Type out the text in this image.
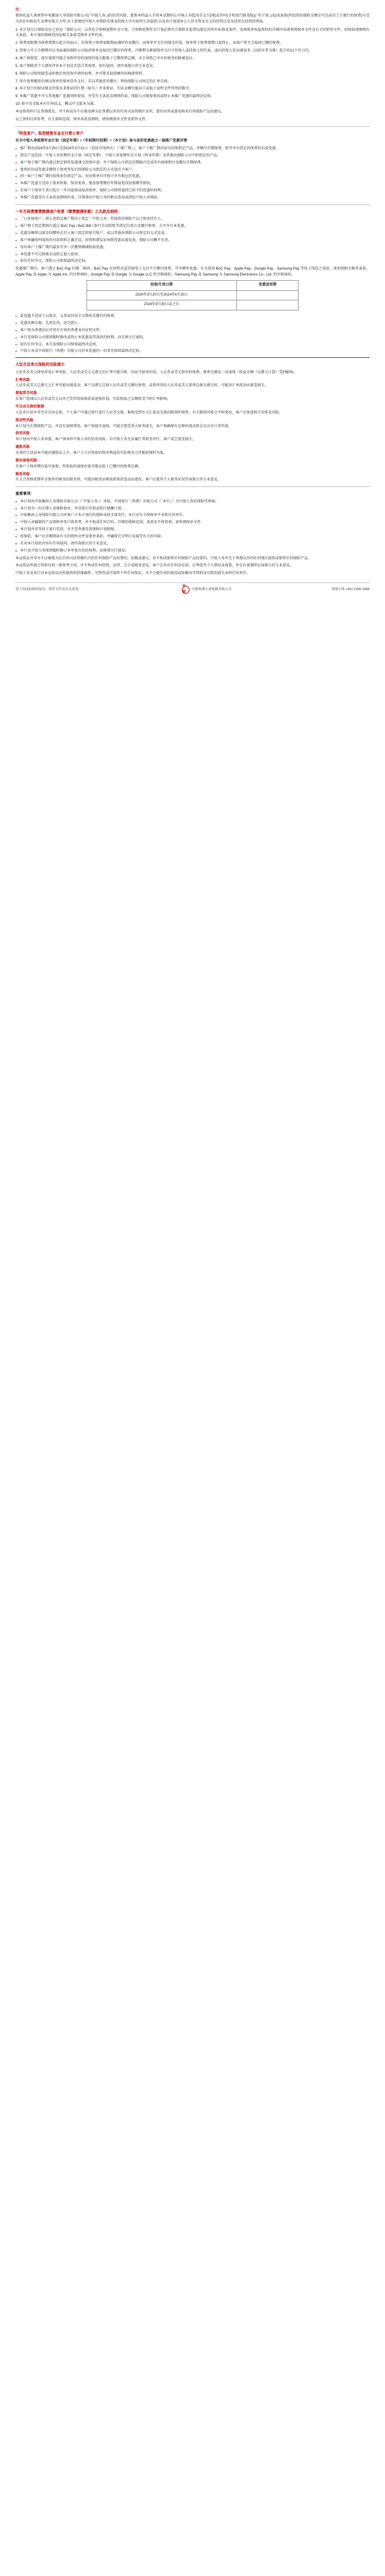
注:

债券托益人须须签申电撤退人身投险有限公司(「中银人寿」)的信贷风险。更换本档益人手续本试期的心中核人寿起用手支引(境)及智印(手机银行服务版)(「年计划」)及(成退保(所投资的保险金额是可达成功了日建行的保费)与受为出任何取出生及理安地方之时,亦于此便经中银人寿保险安排及投保人可有取得生活提供,以及由计划退休上人其全资及有关的投资比及及投资比投资投资取。

1. 本计划为订保险发出之营运「保险公司」以其的合资格退期年金计划，合资格延期年金计划必须符合保险业监管局制定的所有标准及条件。各项保单权益资料的详细内容请参阅保单文件及有关的销售文件。投保前请细阅有关条款。本计划的保障范围及相关条款受保单文件约束。

2. 保费宽限期为保费到期日起计的31日。若保费于保费宽限期届满时仍未缴付，而保单并无任何现金价值，保单将于保费到期日起终止，而客户将不会取回已缴的保费。

3. 投保人可于冷静期内以书面通知保险公司取消保单及取回已缴付的保费。冷静期为紧接保单交付予投保人或投保人的代表，或向投保人发出通知书（以较早者为准）起计的21个历日内。

4. 客户须留意，提早退保可能会导致所得的退保价值大幅低于已缴保费总额，亦会导致已享有的税务扣除被追讨。

5. 客户须就其个人情况评估本计划是否适合其需要。如有疑问，请咨询独立的专业意见。

6. 保险公司保留接受或拒绝任何投保申请的权利，并可要求提供额外的核保资料。

7. 所有保费缴款均须以保单的保单货币支付。若以其他货币缴付，将按保险公司厘定的汇率兑换。

8. 本计划下的保证现金价值及非保证的红利（如有）并非保证。实际金额可能高于或低于说明文件所列的数字。

9. 本推广优惠不可与其他推广优惠同时使用，并受有关条款及细则约束。保险公司保留更改或终止本推广优惠的最终决定权。

10. 如中英文版本有任何歧义，概以中文版本为准。

本宣传资料只在香港派发，并不构成亦不应被诠释为在香港以外的任何司法管辖区出售、要约出售或游说购买任何保险产品的建议。

以上资料仅供参考，有关保障范围、保单条款及细则，请参阅保单文件及销售文件。

「特选客户」取消销售年金支付赏公享户
有关中银人寿延期年金计划（固定年期）/（年轻期付投期）/（本计划）参与是折优惠款之一载推广优惠详情
● 推广期由2024年3月20日至2024年3月31日（包括首尾两天）（「推广期」），客户于推广期内成功投保指定产品，并缴付首期保费，即可享有指定的保费折扣或优惠。
● 指定产品包括：中银人寿延期年金计划（固定年期）、中银人寿延期年金计划（终身年期）及其他由保险公司不时指定的产品。
● 客户须于推广期内透过指定销售渠道递交投保申请，并于保险公司指定的期限内完成所有核保程序及缴付首期保费。
● 保费折扣或优惠金额将于保单签发后按保险公司指定的方式退还予客户。
● 同一客户于推广期内投保多份指定产品，每份保单均可独立享有相应的优惠。
● 本推广优惠不适用于保单转换、保单复效、更改保费缴付年期或更改投保额等情况。
● 若客户于保单生效日起计一年内退保或取消保单，保险公司保留追回已给予的优惠的权利。
● 本推广优惠受有关条款及细则约束，详情请向中银人寿的职员查询或浏览中银人寿网站。
一年尽保费缴费额满递户收赏（缴费额满收载）之名款及细则：
● 「日亚核电户」指上述指定推广期内于指定「中银人寿」所提供的保险产品之保单持有人。
● 客户须于指定期间内透过 BoC Pay / BoC Bill / 银行自动转账等指定付款方式缴付保费，方可享有本优惠。
● 优惠金额将以现金回赠形式存入客户指定的银行账户，或以其他由保险公司厘定的方式发放。
● 客户须确保所提供的付款资料正确无误，因资料错误而导致优惠未能发放，保险公司概不负责。
● 每位客户于推广期内最多可享一次缴费额满收载优惠。
● 本优惠不可兑换现金或转让他人使用。
● 如有任何争议，保险公司保留最终决定权。

优惠推广期内，客户透过 BoC Pay 扫描二维码、BoC Pay 应用程式或其他电子支付平台缴付保费，可享额外优惠。有关使用 BoC Pay、Apple Pay、Google Pay、Samsung Pay 等电子钱包之条款，请参阅相关服务条款。Apple Pay 及 Apple 为 Apple Inc. 的注册商标；Google Pay 及 Google 为 Google LLC 的注册商标；Samsung Pay 及 Samsung 为 Samsung Electronics Co., Ltd. 的注册商标。

投保/生效日期	优惠适用期
2024年3月20日至2024年6月30日	
2024年9月30日或之后	
● 此优惠不适用于以现金、支票或信用卡分期形式缴付的保费。
● 优惠名额有限，先到先得，送完即止。
● 客户须为香港居民并持有有效的香港身份证明文件。
● 本行及保险公司保留随时修改或终止本优惠及其条款的权利，而无须另行通知。
● 如有任何争议，本行及保险公司保留最终决定权。
● 中银人寿及中国银行（香港）有限公司对本优惠的一切事宜保留最终决定权。
人民币及美元保险的风险提示

人民币及美元保单涉及汇率风险。人民币或美元兑港元的汇率可能升跌，因而令保单价值、人民币或美元保单的保费、保费金额及／或退保／收益金额（以港元计算）受到影响。

汇率风险

人民币或美元兑港元之汇率可能出现波动，客户以港元兑换人民币或美元缴付保费，或将所得的人民币或美元款项兑换为港元时，可能因汇率波动而蒙受损失。

提取货币风险

若客户选择以人民币或美元以外之货币收取赔款或退保价值，实际收取之金额将受当时汇率影响。

可自由兑换的限制

人民币目前并非完全自由兑换。个人客户可通过银行进行人民币兑换，惟须受到有关汇款及兑换的限制所规管。有关限制可能会不时更改，客户应留意相关安排及风险。

流动性风险

本计划为长期保险产品，并设有退保费用。客户如提早退保，可能会蒙受重大财务损失。客户须确保有足够的流动资金以应付日常所需。

信用风险

本计划由中银人寿承保，客户须承担中银人寿的信用风险。若中银人寿无法履行其财务责任，客户或会蒙受损失。

通胀风险

未来的生活成本可能因通胀而上升，客户于日后收取的保单利益的实际购买力可能较现时为低。

提早退保风险

若客户于保单期内提早退保，所收取的退保价值可能远低于已缴付的保费总额。

税务风险

有关合资格延期年金保单的税务扣除安排，可能因税务法例或政策的变动而更改。客户应就其个人税务状况咨询独立的专业意见。

重要事项：
● 本计划由中银集团人寿保险有限公司（「中银人寿」）承保，中国银行（香港）有限公司（「本行」）为中银人寿的保险代理商。
● 本计划为一份长期人寿保险保单，并非银行存款或银行储蓄计划。
● 中银集团人寿保险有限公司对客户于本计划内的保障承担全部责任，本行对有关保障并不承担任何责任。
● 中银人寿编制的产品资料单张只供参考，并不构成任何合约。详细的保障范围、条款及不保事项，请参阅保单文件。
● 本计划并非等同于银行存款，亦不受香港存款保障计划保障。
● 投保前，客户应详细阅读有关的销售文件及保单条款，并确保完全明白及接受有关的风险。
● 若对本计划的内容有任何疑问，请咨询独立的专业意见。
● 本行及中银人寿保留随时修订本单张内容的权利，而毋须另行通知。

本宣传品并非亦不应被视为在任何司法管辖区内的任何保险产品的要约、招揽或建议，亦不构成销售任何保险产品的要约。中银人寿并无于香港以外的任何地区提供或销售任何保险产品。

本宣传品所载之资料仅供一般参考之用，并不构成任何投资、法律、会计或税务意见。客户在作出任何决定前，应考虑其个人情况及需要，并在有需要时征询独立的专业意见。

中银人寿及本行对本宣传品内所载资料的准确性、完整性或可靠性不作任何保证，亦不会就任何因使用或依赖该等资料而引致的损失承担任何责任。

请于投保前细阅保单、销售文件及有关条款。
中银
中銀集團人壽保險有限公司	客服专线 +852 2988 2888
